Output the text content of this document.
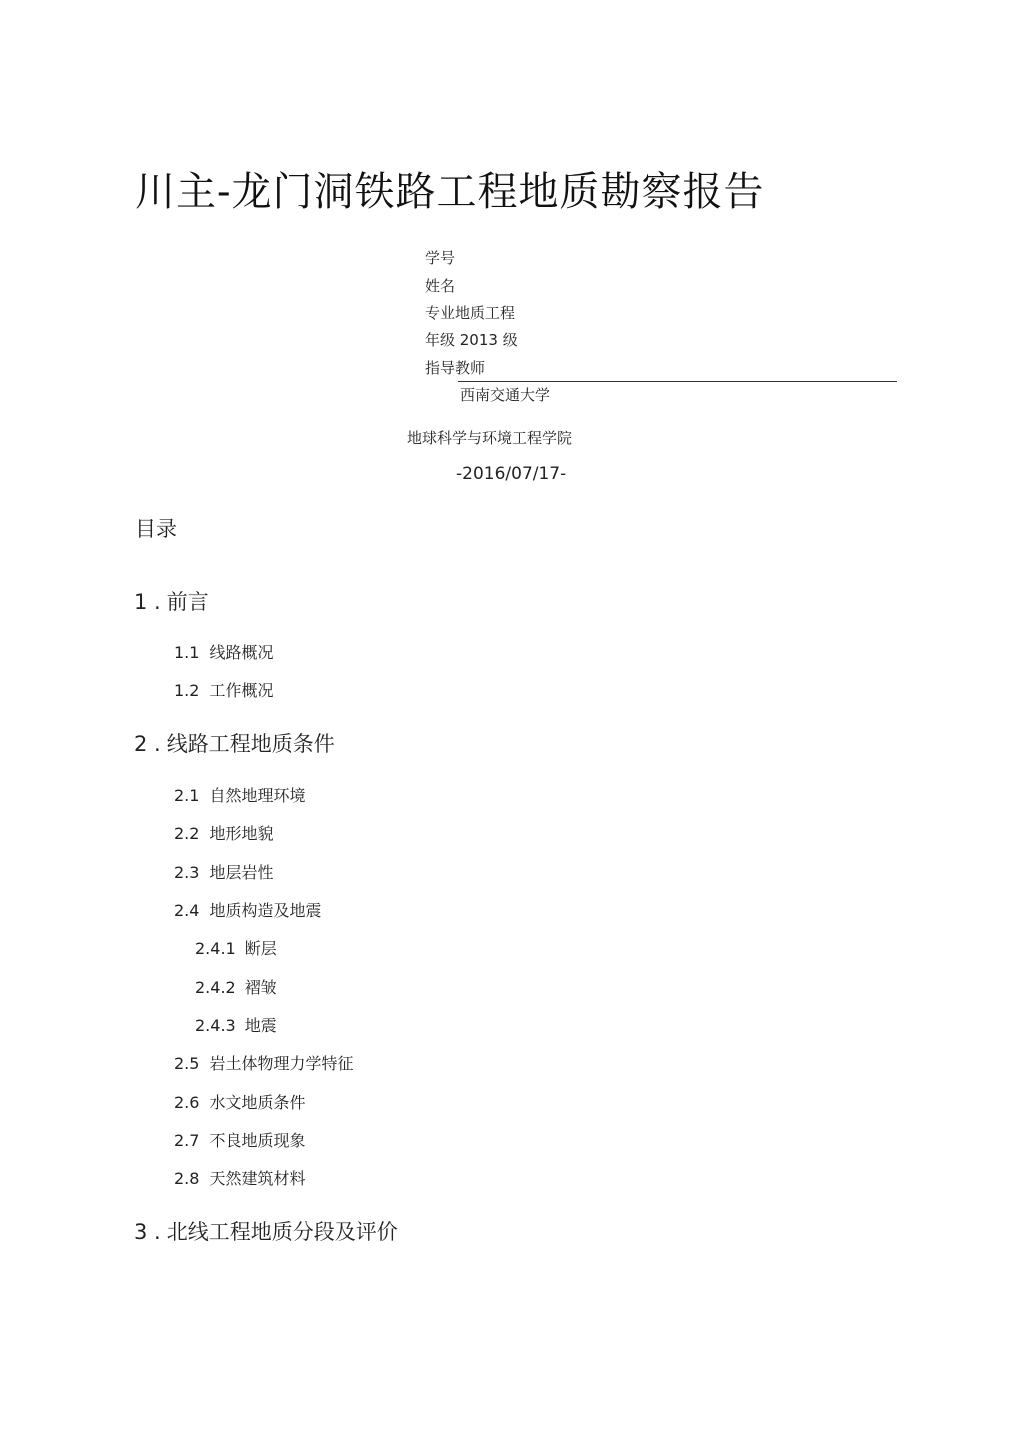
川主-龙门洞铁路工程地质勘察报告
学号
姓名
专业地质工程
年级 2013 级
指导教师
西南交通大学
地球科学与环境工程学院
-2016/07/17-
目录
1 . 前言
1.1 线路概况
1.2 工作概况
2 . 线路工程地质条件
2.1 自然地理环境
2.2 地形地貌
2.3 地层岩性
2.4 地质构造及地震
2.4.1 断层
2.4.2 褶皱
2.4.3 地震
2.5 岩土体物理力学特征
2.6 水文地质条件
2.7 不良地质现象
2.8 天然建筑材料
3 . 北线工程地质分段及评价
